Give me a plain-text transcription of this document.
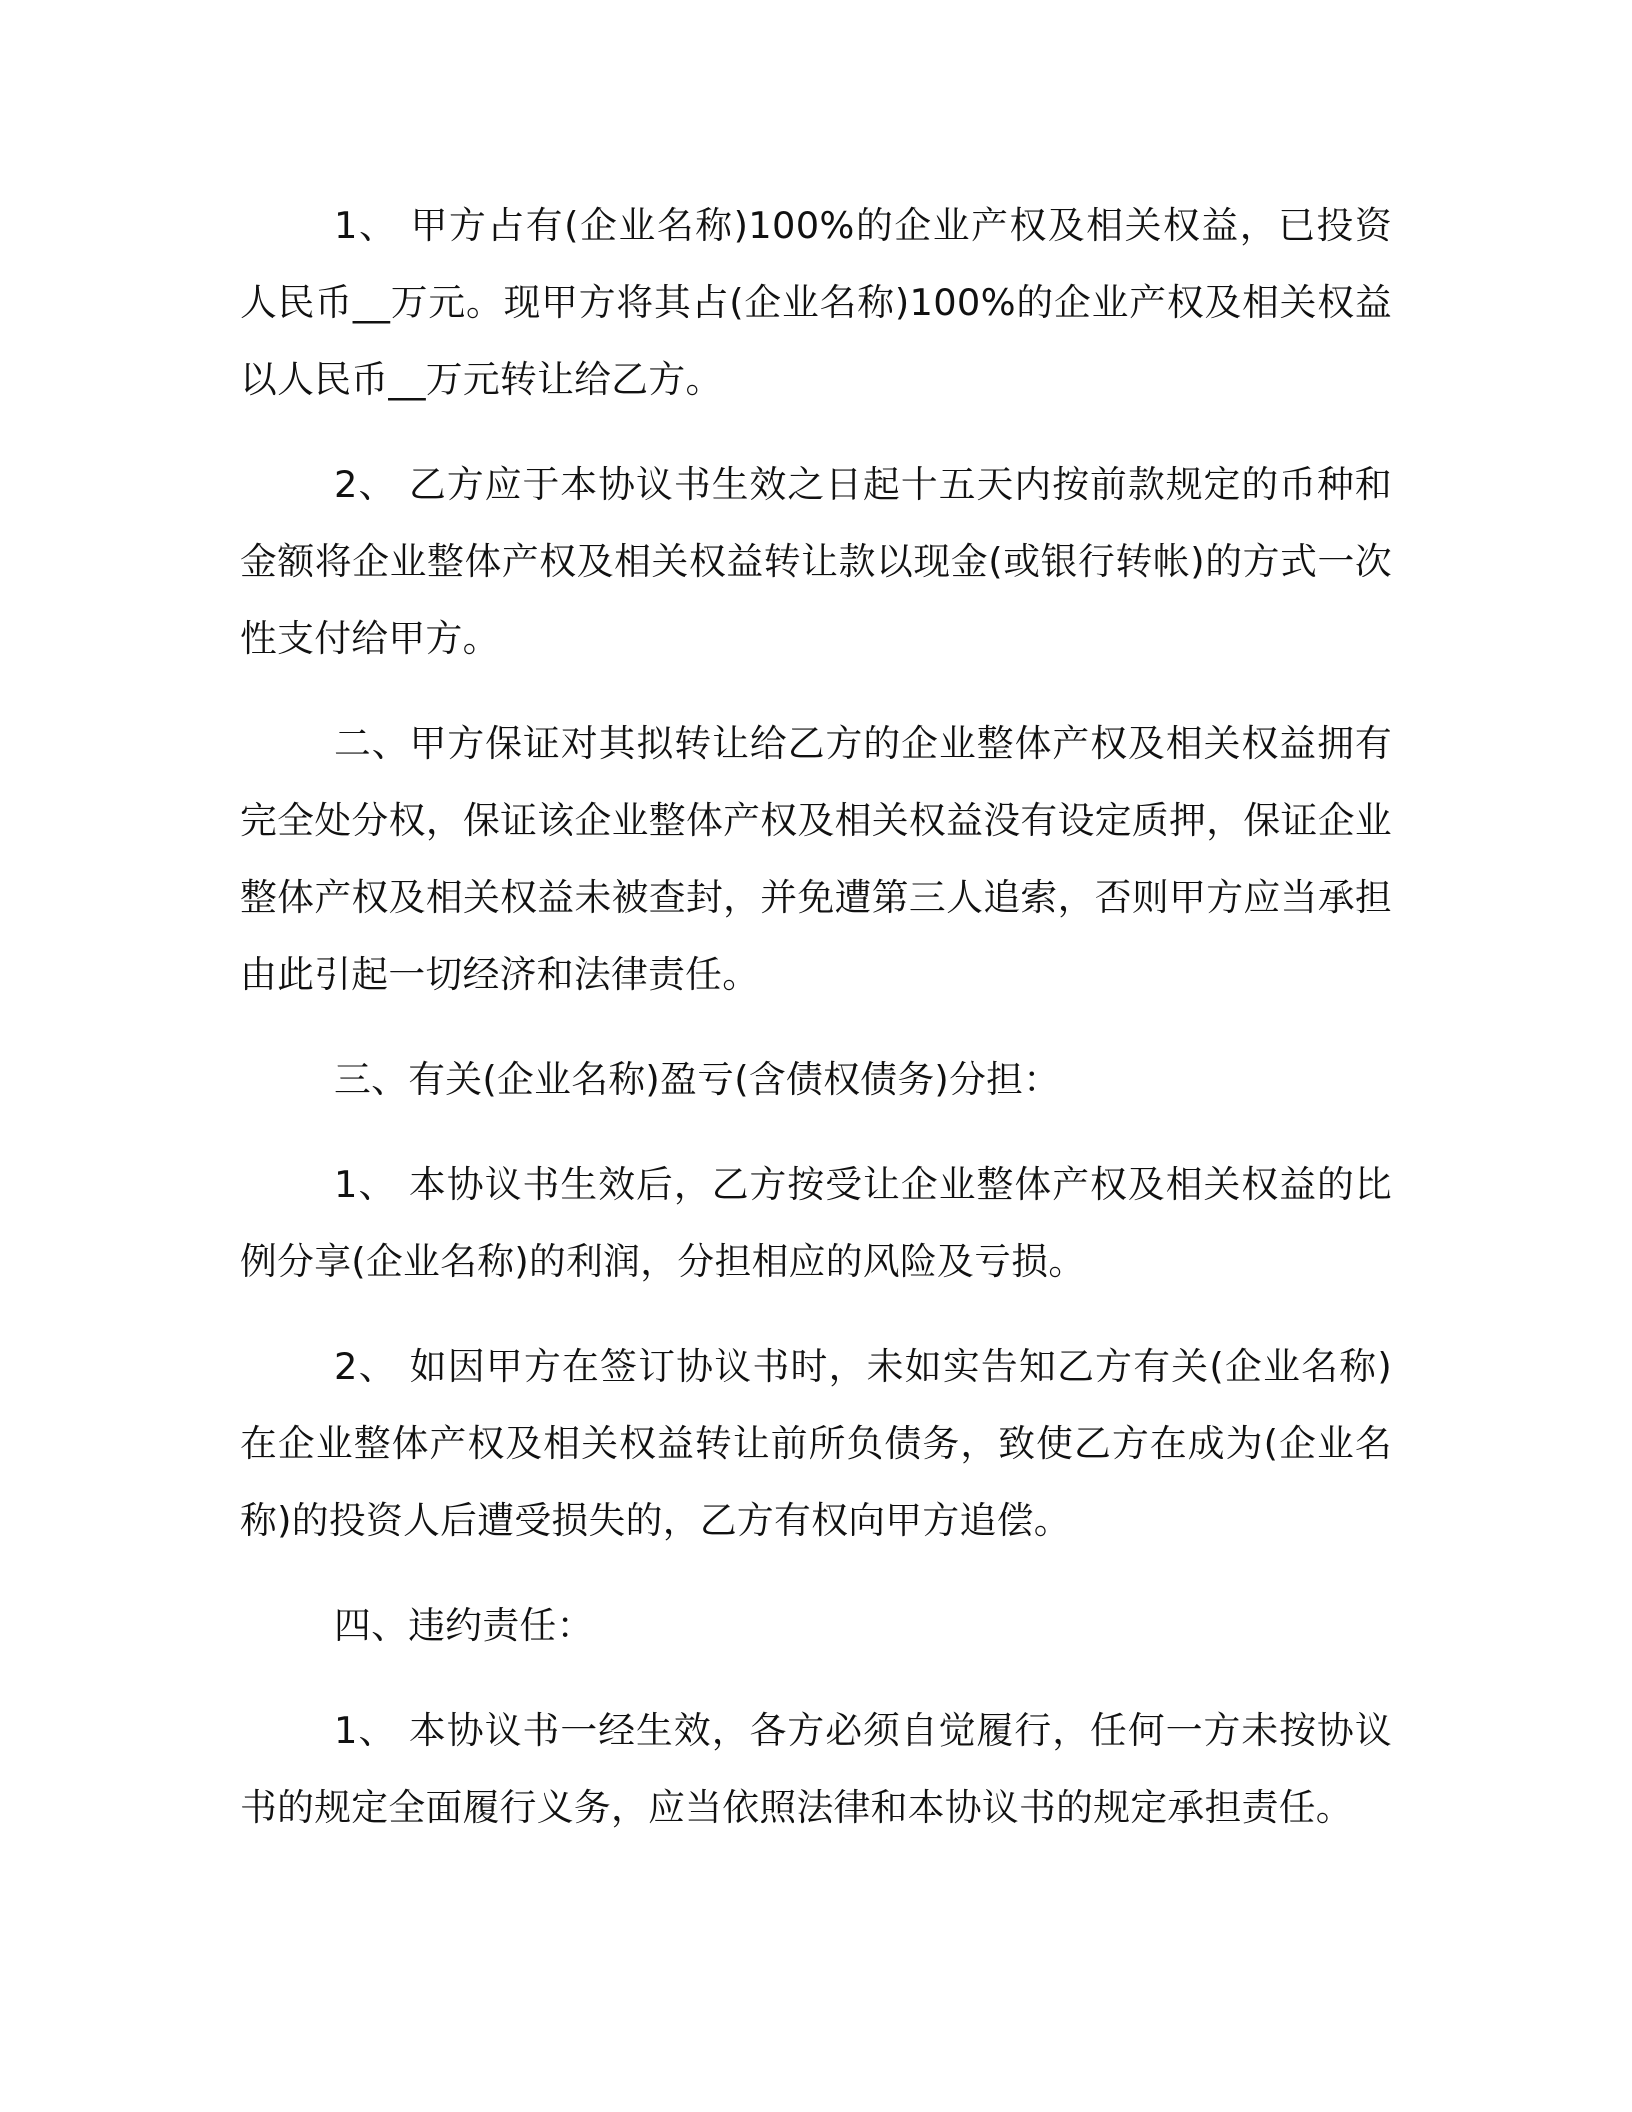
1、 甲方占有(企业名称)100%的企业产权及相关权益，已投资人民币__万元。现甲方将其占(企业名称)100%的企业产权及相关权益以人民币__万元转让给乙方。

2、 乙方应于本协议书生效之日起十五天内按前款规定的币种和金额将企业整体产权及相关权益转让款以现金(或银行转帐)的方式一次性支付给甲方。

二、甲方保证对其拟转让给乙方的企业整体产权及相关权益拥有完全处分权，保证该企业整体产权及相关权益没有设定质押，保证企业整体产权及相关权益未被查封，并免遭第三人追索，否则甲方应当承担由此引起一切经济和法律责任。

三、有关(企业名称)盈亏(含债权债务)分担：

1、 本协议书生效后，乙方按受让企业整体产权及相关权益的比例分享(企业名称)的利润，分担相应的风险及亏损。

2、 如因甲方在签订协议书时，未如实告知乙方有关(企业名称)在企业整体产权及相关权益转让前所负债务，致使乙方在成为(企业名称)的投资人后遭受损失的，乙方有权向甲方追偿。

四、违约责任：

1、 本协议书一经生效，各方必须自觉履行，任何一方未按协议书的规定全面履行义务，应当依照法律和本协议书的规定承担责任。
